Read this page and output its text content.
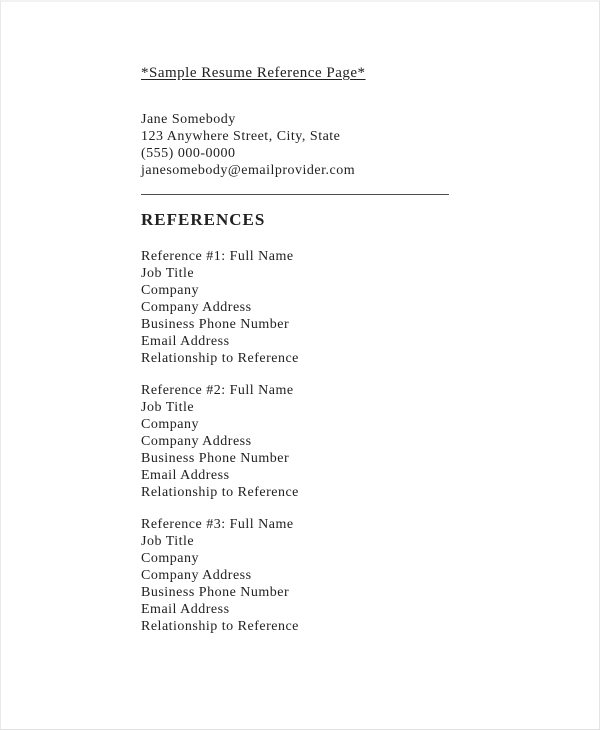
*Sample Resume Reference Page*
Jane Somebody
123 Anywhere Street, City, State
(555) 000-0000
janesomebody@emailprovider.com
REFERENCES
Reference #1: Full Name
Job Title
Company
Company Address
Business Phone Number
Email Address
Relationship to Reference
Reference #2: Full Name
Job Title
Company
Company Address
Business Phone Number
Email Address
Relationship to Reference
Reference #3: Full Name
Job Title
Company
Company Address
Business Phone Number
Email Address
Relationship to Reference
